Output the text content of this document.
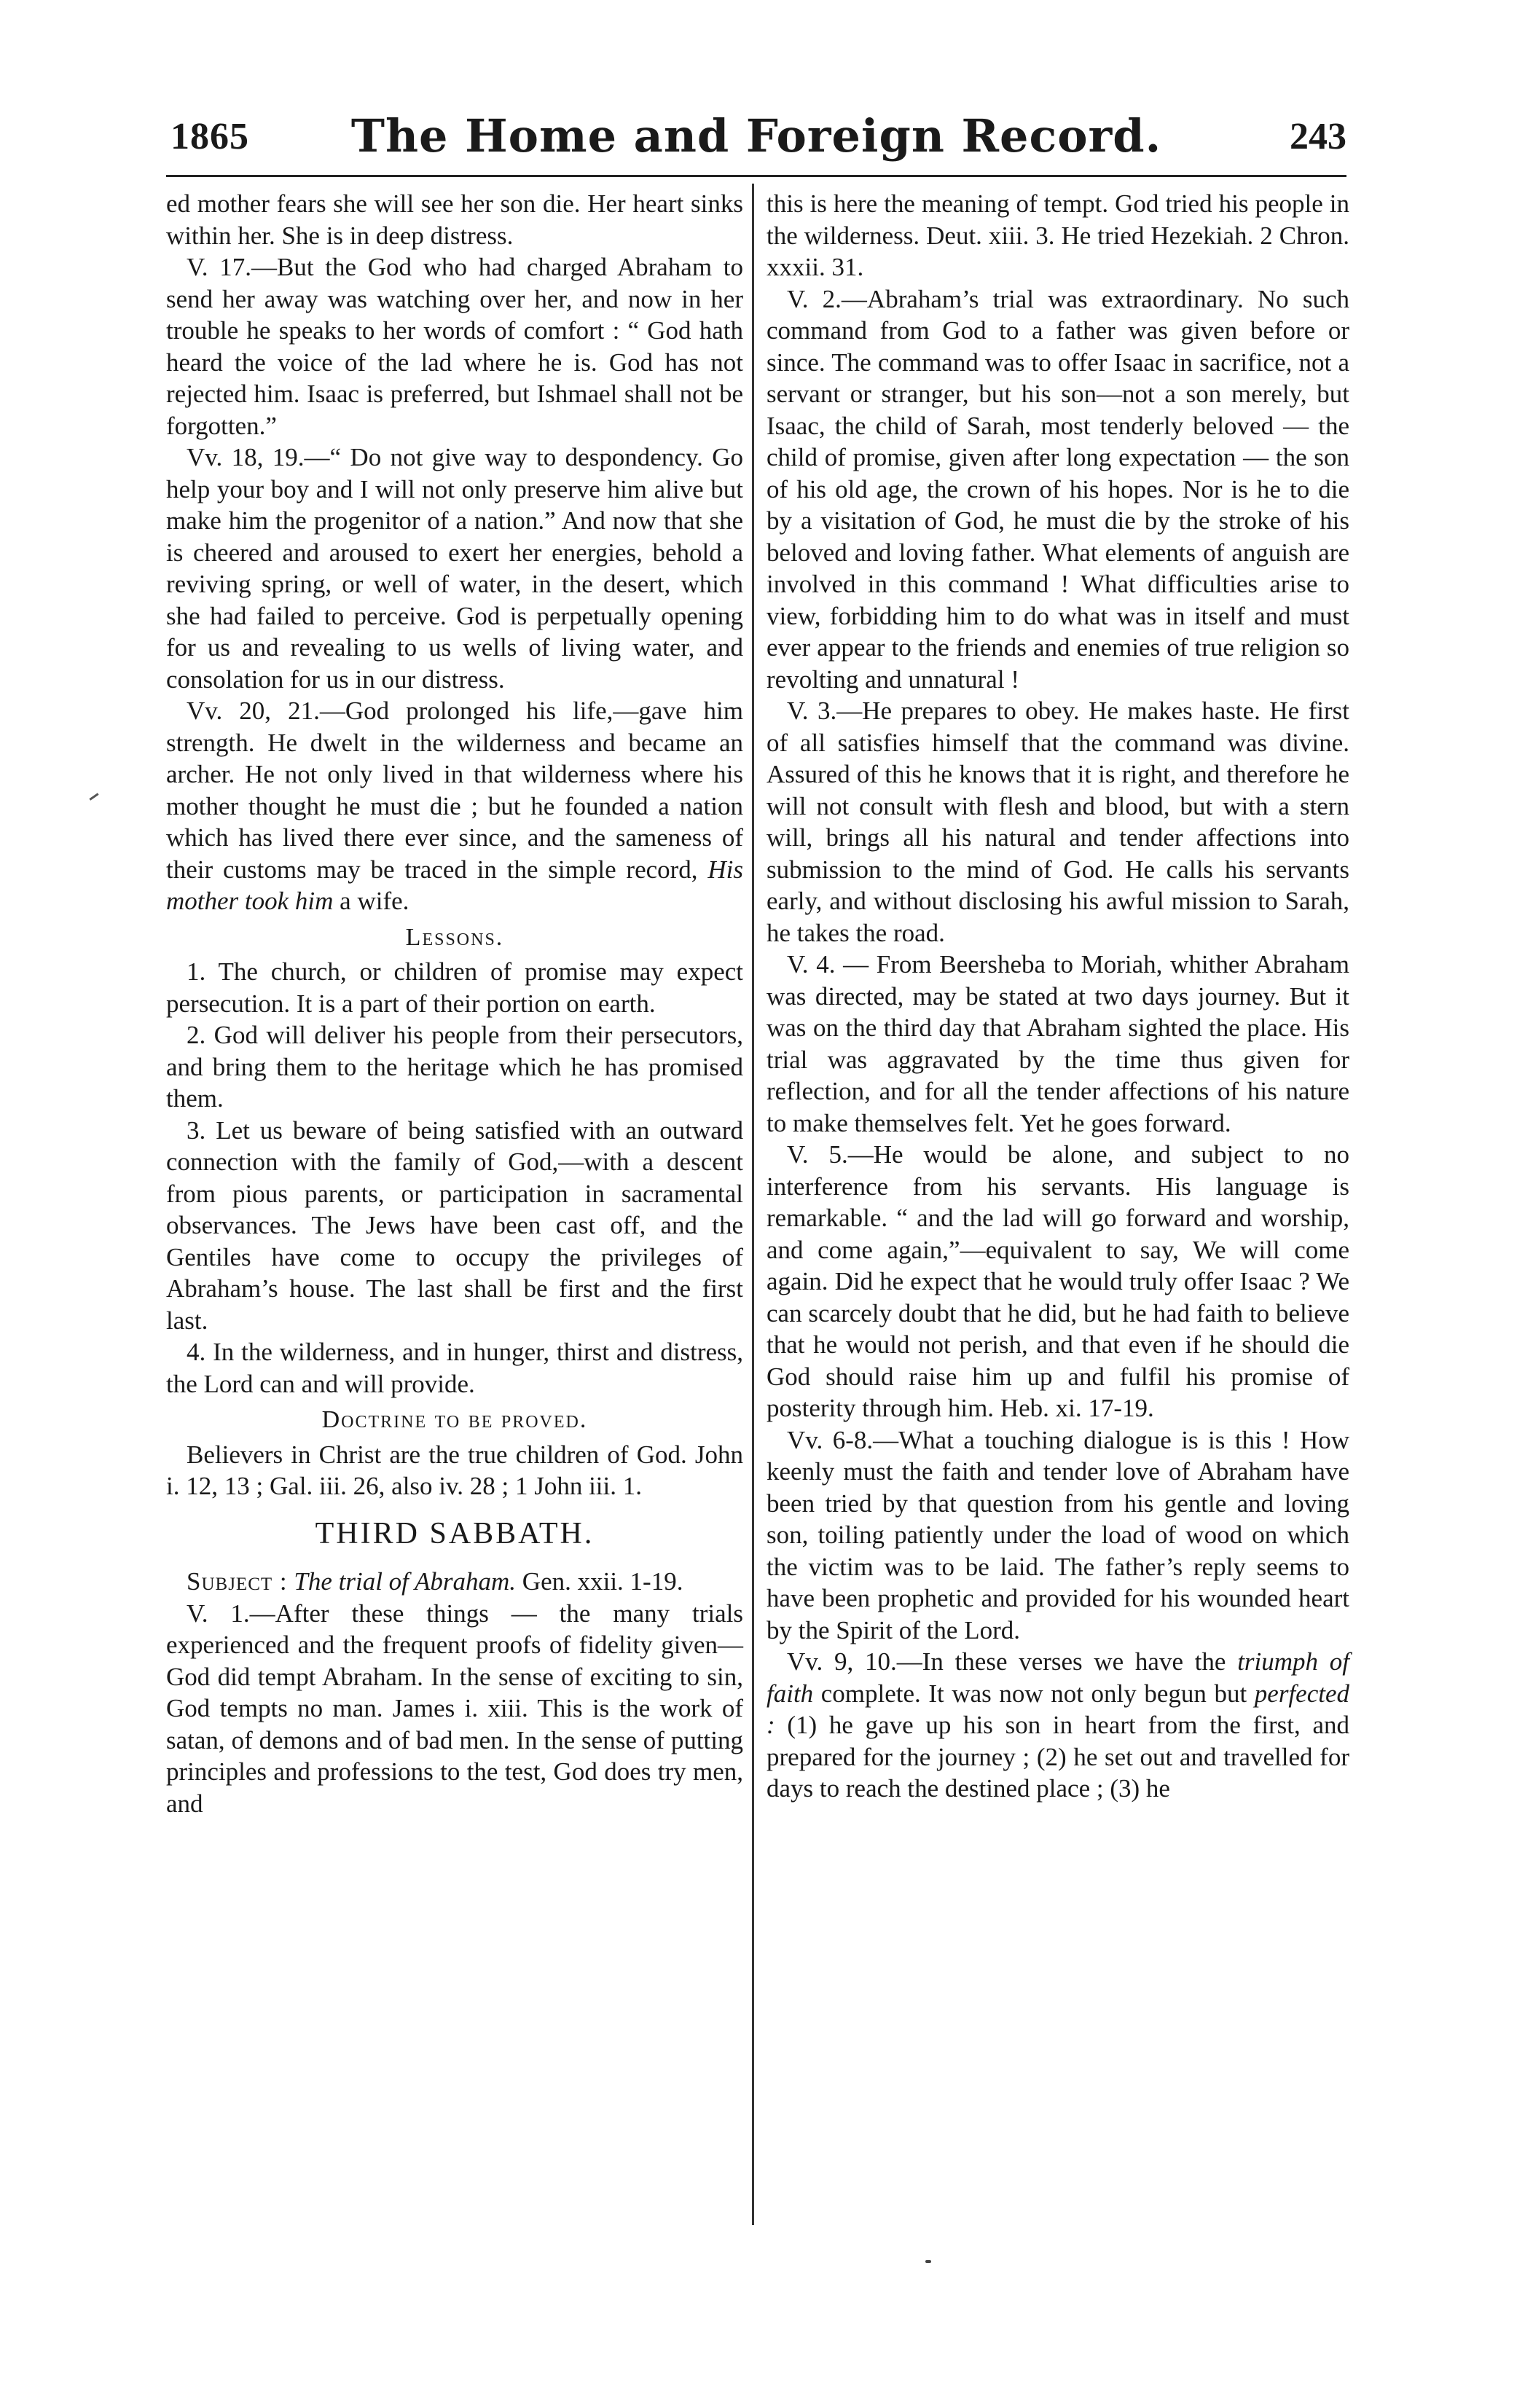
1865	The Home and Foreign Record.	243

ed mother fears she will see her son die. Her heart sinks within her. She is in deep distress.

V. 17.—But the God who had charged Abraham to send her away was watching over her, and now in her trouble he speaks to her words of comfort : “ God hath heard the voice of the lad where he is. God has not rejected him. Isaac is preferred, but Ishmael shall not be forgotten.”

Vv. 18, 19.—“ Do not give way to despondency. Go help your boy and I will not only preserve him alive but make him the progenitor of a nation.” And now that she is cheered and aroused to exert her energies, behold a reviving spring, or well of water, in the desert, which she had failed to perceive. God is perpetually opening for us and revealing to us wells of living water, and consolation for us in our distress.

Vv. 20, 21.—God prolonged his life,—gave him strength. He dwelt in the wilderness and became an archer. He not only lived in that wilderness where his mother thought he must die ; but he founded a nation which has lived there ever since, and the sameness of their customs may be traced in the simple record, His mother took him a wife.

Lessons.

1. The church, or children of promise may expect persecution. It is a part of their portion on earth.

2. God will deliver his people from their persecutors, and bring them to the heritage which he has promised them.

3. Let us beware of being satisfied with an outward connection with the family of God,—with a descent from pious parents, or participation in sacramental observances. The Jews have been cast off, and the Gentiles have come to occupy the privileges of Abraham’s house. The last shall be first and the first last.

4. In the wilderness, and in hunger, thirst and distress, the Lord can and will provide.

Doctrine to be proved.

Believers in Christ are the true children of God. John i. 12, 13 ; Gal. iii. 26, also iv. 28 ; 1 John iii. 1.

THIRD SABBATH.

Subject : The trial of Abraham. Gen. xxii. 1-19.

V. 1.—After these things — the many trials experienced and the frequent proofs of fidelity given—God did tempt Abraham. In the sense of exciting to sin, God tempts no man. James i. xiii. This is the work of satan, of demons and of bad men. In the sense of putting principles and professions to the test, God does try men, and

this is here the meaning of tempt. God tried his people in the wilderness. Deut. xiii. 3. He tried Hezekiah. 2 Chron. xxxii. 31.

V. 2.—Abraham’s trial was extraordinary. No such command from God to a father was given before or since. The command was to offer Isaac in sacrifice, not a servant or stranger, but his son—not a son merely, but Isaac, the child of Sarah, most tenderly beloved — the child of promise, given after long expectation — the son of his old age, the crown of his hopes. Nor is he to die by a visitation of God, he must die by the stroke of his beloved and loving father. What elements of anguish are involved in this command ! What difficulties arise to view, forbidding him to do what was in itself and must ever appear to the friends and enemies of true religion so revolting and unnatural !

V. 3.—He prepares to obey. He makes haste. He first of all satisfies himself that the command was divine. Assured of this he knows that it is right, and therefore he will not consult with flesh and blood, but with a stern will, brings all his natural and tender affections into submission to the mind of God. He calls his servants early, and without disclosing his awful mission to Sarah, he takes the road.

V. 4. — From Beersheba to Moriah, whither Abraham was directed, may be stated at two days journey. But it was on the third day that Abraham sighted the place. His trial was aggravated by the time thus given for reflection, and for all the tender affections of his nature to make themselves felt. Yet he goes forward.

V. 5.—He would be alone, and subject to no interference from his servants. His language is remarkable. “ and the lad will go forward and worship, and come again,”—equivalent to say, We will come again. Did he expect that he would truly offer Isaac ? We can scarcely doubt that he did, but he had faith to believe that he would not perish, and that even if he should die God should raise him up and fulfil his promise of posterity through him. Heb. xi. 17-19.

Vv. 6-8.—What a touching dialogue is is this ! How keenly must the faith and tender love of Abraham have been tried by that question from his gentle and loving son, toiling patiently under the load of wood on which the victim was to be laid. The father’s reply seems to have been prophetic and provided for his wounded heart by the Spirit of the Lord.

Vv. 9, 10.—In these verses we have the triumph of faith complete. It was now not only begun but perfected : (1) he gave up his son in heart from the first, and prepared for the journey ; (2) he set out and travelled for days to reach the destined place ; (3) he
